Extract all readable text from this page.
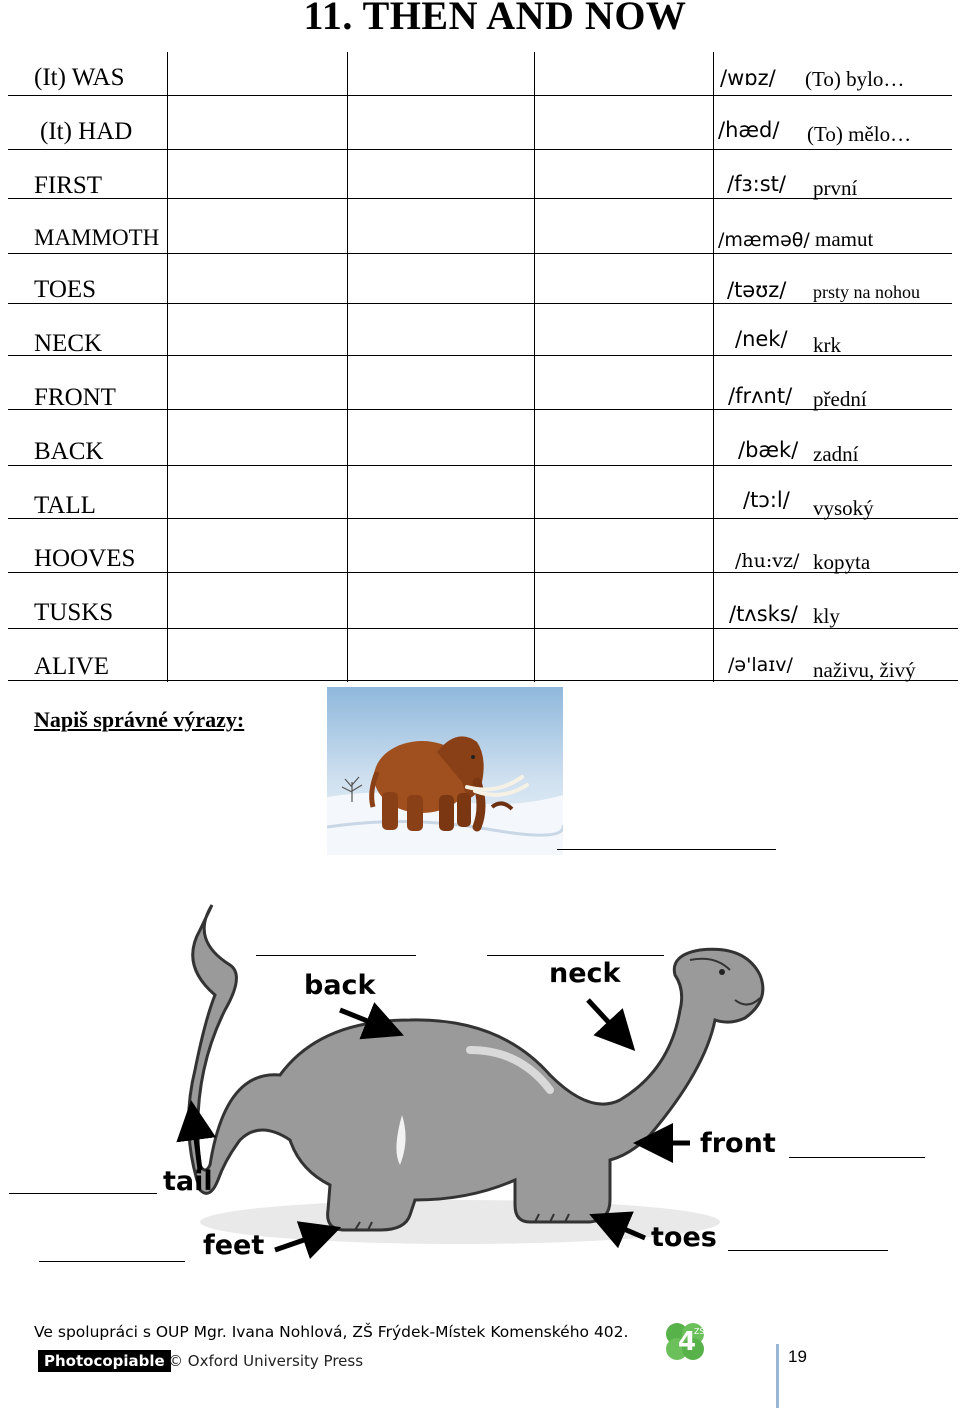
11. THEN AND NOW
(It) WAS	/wɒz/ (To) bylo…
(It) HAD	/hæd/ (To) mělo…
FIRST	/fɜ:st/ první
MAMMOTH	/mæməθ/ mamut
TOES	/təʊz/ prsty na nohou
NECK	/nek/ krk
FRONT	/frʌnt/ přední
BACK	/bæk/ zadní
TALL	/tɔ:l/ vysoký
HOOVES	/hu:vz/ kopyta
TUSKS	/tʌsks/ kly
ALIVE	/ə'laɪv/ naživu, živý
Napiš správné výrazy:
back	neck
front
tail
feet	toes
Ve spolupráci s OUP Mgr. Ivana Nohlová, ZŠ Frýdek-Místek Komenského 402.
Photocopiable © Oxford University Press
4
ZŠ
19
